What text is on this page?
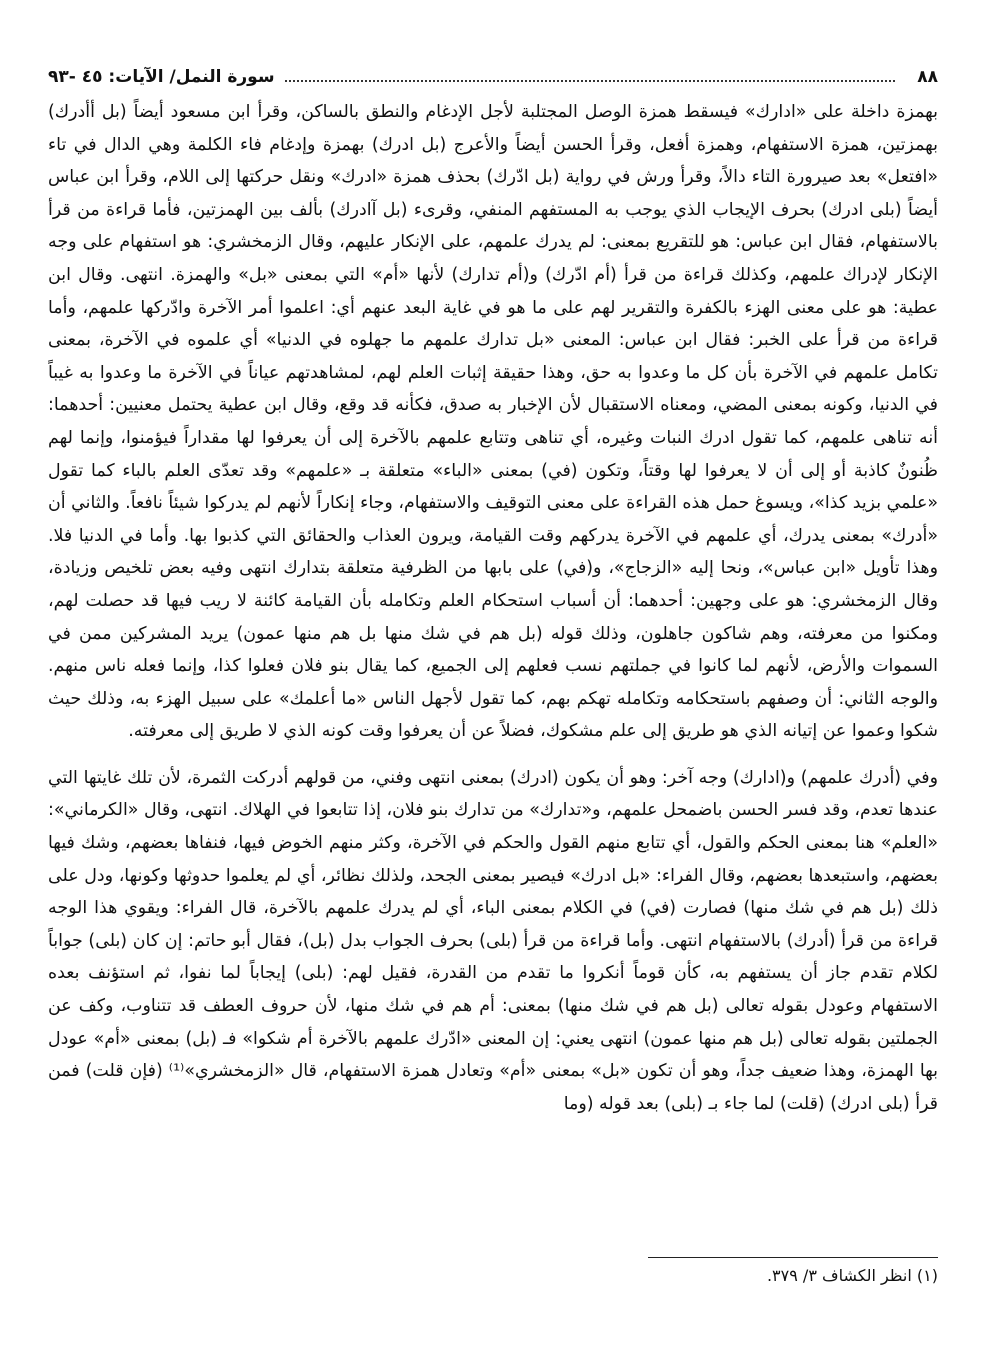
٨٨
سورة النمل/ الآيات: ٤٥ -٩٣

بهمزة داخلة على «ادارك» فيسقط همزة الوصل المجتلبة لأجل الإدغام والنطق بالساكن، وقرأ ابن مسعود أيضاً (بل أأدرك) بهمزتين، همزة الاستفهام، وهمزة أفعل، وقرأ الحسن أيضاً والأعرج (بل ادرك) بهمزة وإدغام فاء الكلمة وهي الدال في تاء «افتعل» بعد صيرورة التاء دالاً، وقرأ ورش في رواية (بل ادّرك) بحذف همزة «ادرك» ونقل حركتها إلى اللام، وقرأ ابن عباس أيضاً (بلى ادرك) بحرف الإيجاب الذي يوجب به المستفهم المنفي، وقرىء (بل آادرك) بألف بين الهمزتين، فأما قراءة من قرأ بالاستفهام، فقال ابن عباس: هو للتقريع بمعنى: لم يدرك علمهم، على الإنكار عليهم، وقال الزمخشري: هو استفهام على وجه الإنكار لإدراك علمهم، وكذلك قراءة من قرأ (أم ادّرك) و(أم تدارك) لأنها «أم» التي بمعنى «بل» والهمزة. انتهى. وقال ابن عطية: هو على معنى الهزء بالكفرة والتقرير لهم على ما هو في غاية البعد عنهم أي: اعلموا أمر الآخرة وادّركها علمهم، وأما قراءة من قرأ على الخبر: فقال ابن عباس: المعنى «بل تدارك علمهم ما جهلوه في الدنيا» أي علموه في الآخرة، بمعنى تكامل علمهم في الآخرة بأن كل ما وعدوا به حق، وهذا حقيقة إثبات العلم لهم، لمشاهدتهم عياناً في الآخرة ما وعدوا به غيباً في الدنيا، وكونه بمعنى المضي، ومعناه الاستقبال لأن الإخبار به صدق، فكأنه قد وقع، وقال ابن عطية يحتمل معنيين: أحدهما: أنه تناهى علمهم، كما تقول ادرك النبات وغيره، أي تناهى وتتابع علمهم بالآخرة إلى أن يعرفوا لها مقداراً فيؤمنوا، وإنما لهم ظُنونٌ كاذبة أو إلى أن لا يعرفوا لها وقتاً، وتكون (في) بمعنى «الباء» متعلقة بـ «علمهم» وقد تعدّى العلم بالباء كما تقول «علمي بزيد كذا»، ويسوغ حمل هذه القراءة على معنى التوقيف والاستفهام، وجاء إنكاراً لأنهم لم يدركوا شيئاً نافعاً. والثاني أن «أدرك» بمعنى يدرك، أي علمهم في الآخرة يدركهم وقت القيامة، ويرون العذاب والحقائق التي كذبوا بها. وأما في الدنيا فلا. وهذا تأويل «ابن عباس»، ونحا إليه «الزجاج»، و(في) على بابها من الظرفية متعلقة بتدارك انتهى وفيه بعض تلخيص وزيادة، وقال الزمخشري: هو على وجهين: أحدهما: أن أسباب استحكام العلم وتكامله بأن القيامة كائنة لا ريب فيها قد حصلت لهم، ومكنوا من معرفته، وهم شاكون جاهلون، وذلك قوله (بل هم في شك منها بل هم منها عمون) يريد المشركين ممن في السموات والأرض، لأنهم لما كانوا في جملتهم نسب فعلهم إلى الجميع، كما يقال بنو فلان فعلوا كذا، وإنما فعله ناس منهم. والوجه الثاني: أن وصفهم باستحكامه وتكامله تهكم بهم، كما تقول لأجهل الناس «ما أعلمك» على سبيل الهزء به، وذلك حيث شكوا وعموا عن إتيانه الذي هو طريق إلى علم مشكوك، فضلاً عن أن يعرفوا وقت كونه الذي لا طريق إلى معرفته.

وفي (أدرك علمهم) و(ادارك) وجه آخر: وهو أن يكون (ادرك) بمعنى انتهى وفني، من قولهم أدركت الثمرة، لأن تلك غايتها التي عندها تعدم، وقد فسر الحسن باضمحل علمهم، و«تدارك» من تدارك بنو فلان، إذا تتابعوا في الهلاك. انتهى، وقال «الكرماني»: «العلم» هنا بمعنى الحكم والقول، أي تتابع منهم القول والحكم في الآخرة، وكثر منهم الخوض فيها، فنفاها بعضهم، وشك فيها بعضهم، واستبعدها بعضهم، وقال الفراء: «بل ادرك» فيصير بمعنى الجحد، ولذلك نظائر، أي لم يعلموا حدوثها وكونها، ودل على ذلك (بل هم في شك منها) فصارت (في) في الكلام بمعنى الباء، أي لم يدرك علمهم بالآخرة، قال الفراء: ويقوي هذا الوجه قراءة من قرأ (أدرك) بالاستفهام انتهى. وأما قراءة من قرأ (بلى) بحرف الجواب بدل (بل)، فقال أبو حاتم: إن كان (بلى) جواباً لكلام تقدم جاز أن يستفهم به، كأن قوماً أنكروا ما تقدم من القدرة، فقيل لهم: (بلى) إيجاباً لما نفوا، ثم استؤنف بعده الاستفهام وعودل بقوله تعالى (بل هم في شك منها) بمعنى: أم هم في شك منها، لأن حروف العطف قد تتناوب، وكف عن الجملتين بقوله تعالى (بل هم منها عمون) انتهى يعني: إن المعنى «ادّرك علمهم بالآخرة أم شكوا» فـ (بل) بمعنى «أم» عودل بها الهمزة، وهذا ضعيف جداً، وهو أن تكون «بل» بمعنى «أم» وتعادل همزة الاستفهام، قال «الزمخشري»⁽¹⁾ (فإن قلت) فمن قرأ (بلى ادرك) (قلت) لما جاء بـ (بلى) بعد قوله (وما

(١) انظر الكشاف ٣/ ٣٧٩.
